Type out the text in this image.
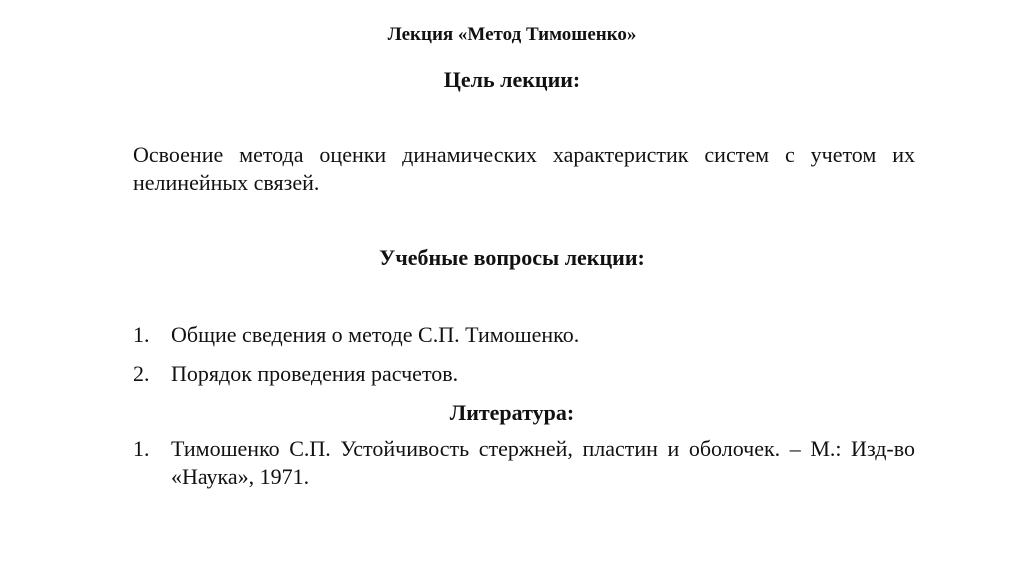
Лекция «Метод Тимошенко»
Цель лекции:
Освоение метода оценки динамических характеристик систем с учетом их нелинейных связей.
Учебные вопросы лекции:
1. Общие сведения о методе С.П. Тимошенко.
2. Порядок проведения расчетов.
Литература:
1. Тимошенко С.П. Устойчивость стержней, пластин и оболочек. – М.: Изд-во «Наука», 1971.
